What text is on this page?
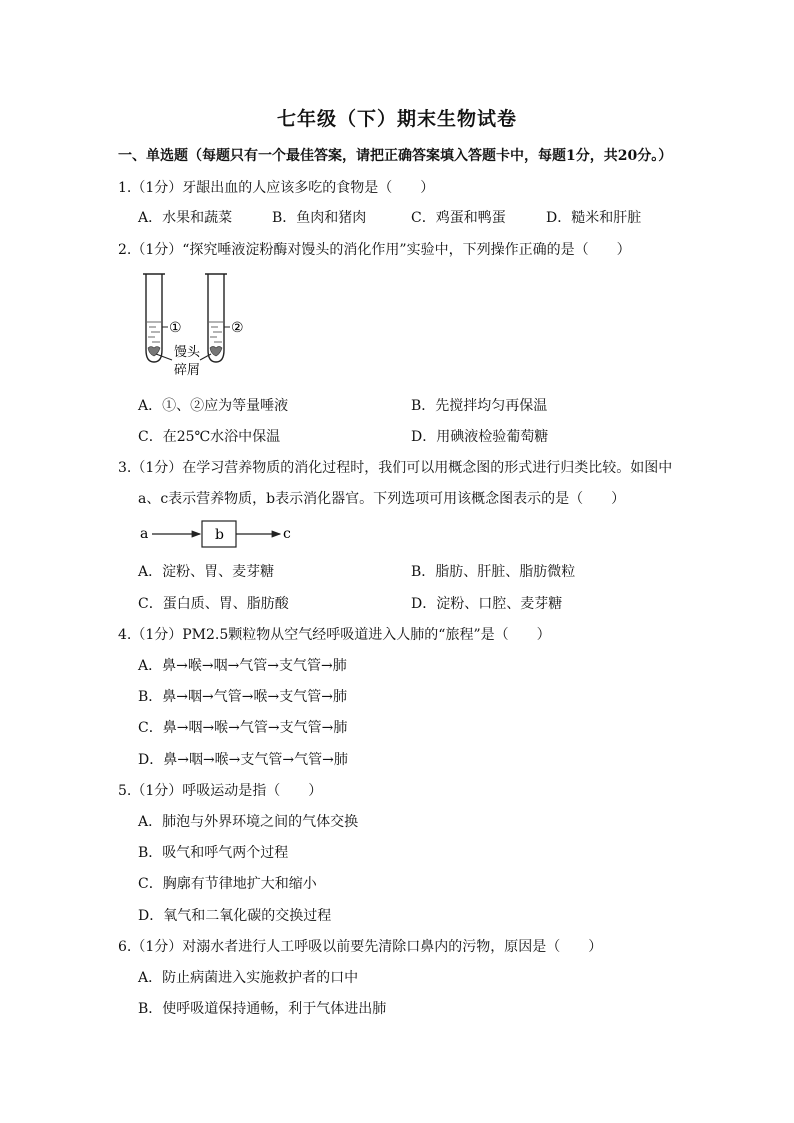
七年级（下）期末生物试卷
一、单选题（每题只有一个最佳答案，请把正确答案填入答题卡中，每题1分，共20分。）
1.（1分）牙龈出血的人应该多吃的食物是（　　）
A．水果和蔬菜	B．鱼肉和猪肉	C．鸡蛋和鸭蛋	D．糙米和肝脏
2.（1分）“探究唾液淀粉酶对馒头的消化作用”实验中，下列操作正确的是（　　）
①	②
馒头
碎屑
A．①、②应为等量唾液	B．先搅拌均匀再保温
C．在25℃水浴中保温	D．用碘液检验葡萄糖
3.（1分）在学习营养物质的消化过程时，我们可以用概念图的形式进行归类比较。如图中
a、c表示营养物质，b表示消化器官。下列选项可用该概念图表示的是（　　）
a	b	c
A．淀粉、胃、麦芽糖	B．脂肪、肝脏、脂肪微粒
C．蛋白质、胃、脂肪酸	D．淀粉、口腔、麦芽糖
4.（1分）PM2.5颗粒物从空气经呼吸道进入人肺的“旅程”是（　　）
A．鼻→喉→咽→气管→支气管→肺
B．鼻→咽→气管→喉→支气管→肺
C．鼻→咽→喉→气管→支气管→肺
D．鼻→咽→喉→支气管→气管→肺
5.（1分）呼吸运动是指（　　）
A．肺泡与外界环境之间的气体交换
B．吸气和呼气两个过程
C．胸廓有节律地扩大和缩小
D．氧气和二氧化碳的交换过程
6.（1分）对溺水者进行人工呼吸以前要先清除口鼻内的污物，原因是（　　）
A．防止病菌进入实施救护者的口中
B．使呼吸道保持通畅，利于气体进出肺
